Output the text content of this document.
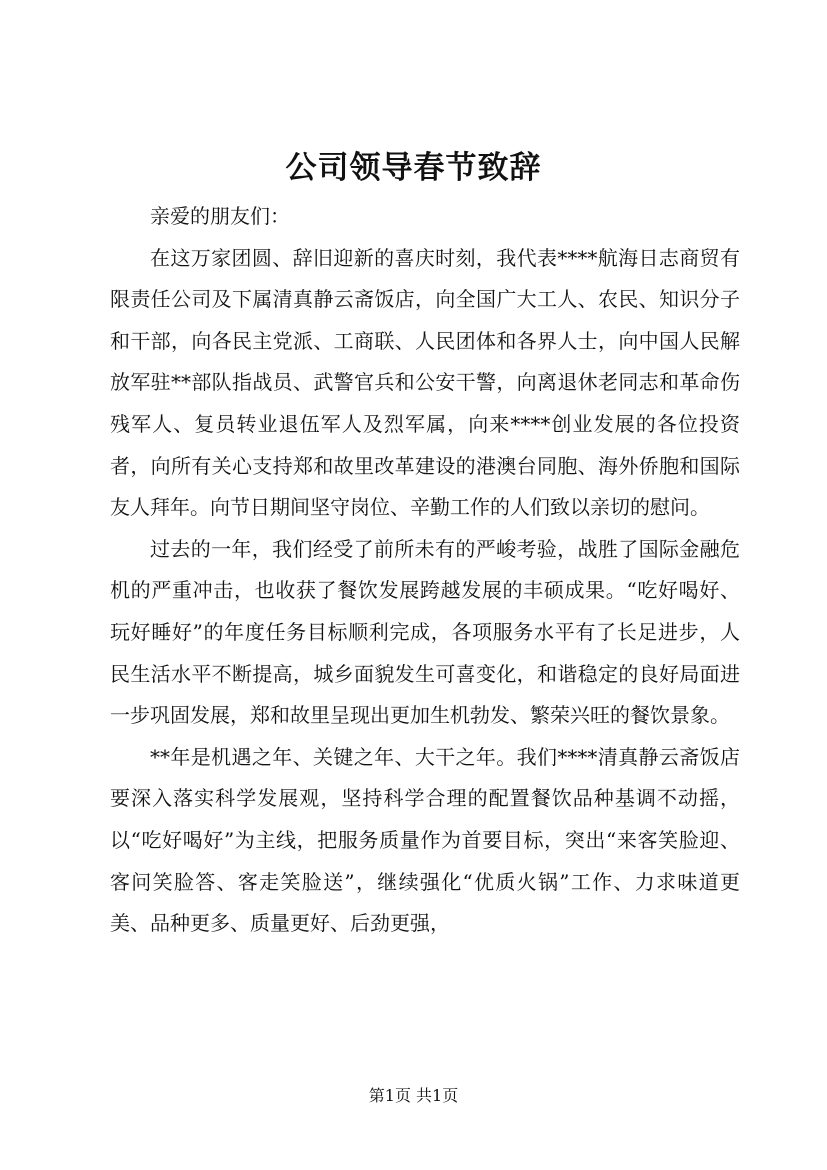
公司领导春节致辞

亲爱的朋友们：

在这万家团圆、辞旧迎新的喜庆时刻，我代表****航海日志商贸有限责任公司及下属清真静云斋饭店，向全国广大工人、农民、知识分子和干部，向各民主党派、工商联、人民团体和各界人士，向中国人民解放军驻**部队指战员、武警官兵和公安干警，向离退休老同志和革命伤残军人、复员转业退伍军人及烈军属，向来****创业发展的各位投资者，向所有关心支持郑和故里改革建设的港澳台同胞、海外侨胞和国际友人拜年。向节日期间坚守岗位、辛勤工作的人们致以亲切的慰问。

过去的一年，我们经受了前所未有的严峻考验，战胜了国际金融危机的严重冲击，也收获了餐饮发展跨越发展的丰硕成果。“吃好喝好、玩好睡好”的年度任务目标顺利完成，各项服务水平有了长足进步，人民生活水平不断提高，城乡面貌发生可喜变化，和谐稳定的良好局面进一步巩固发展，郑和故里呈现出更加生机勃发、繁荣兴旺的餐饮景象。

**年是机遇之年、关键之年、大干之年。我们****清真静云斋饭店要深入落实科学发展观，坚持科学合理的配置餐饮品种基调不动摇，以“吃好喝好”为主线，把服务质量作为首要目标，突出“来客笑脸迎、客问笑脸答、客走笑脸送”，继续强化“优质火锅”工作、力求味道更美、品种更多、质量更好、后劲更强，

第1页 共1页
